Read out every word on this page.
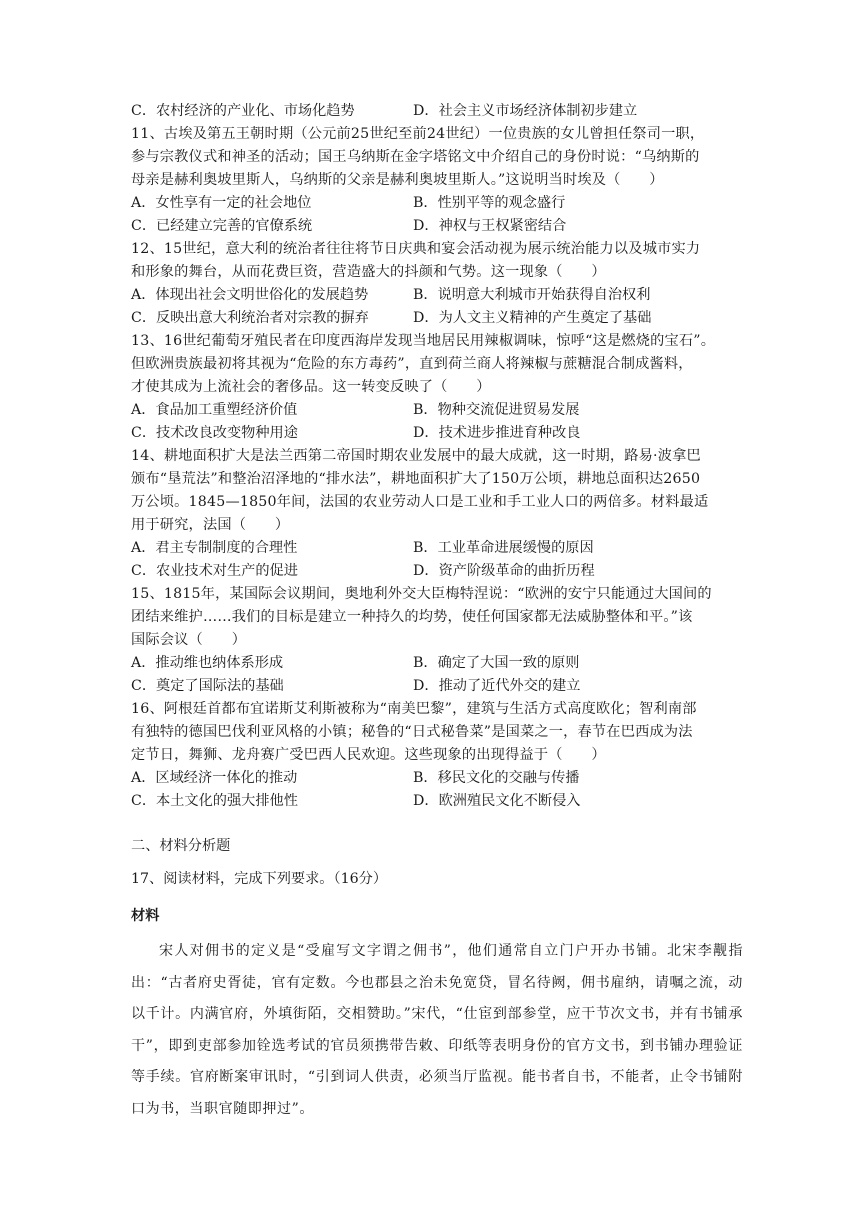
C．农村经济的产业化、市场化趋势	D．社会主义市场经济体制初步建立
11、古埃及第五王朝时期（公元前25世纪至前24世纪）一位贵族的女儿曾担任祭司一职，
参与宗教仪式和神圣的活动；国王乌纳斯在金字塔铭文中介绍自己的身份时说：“乌纳斯的
母亲是赫利奥坡里斯人，乌纳斯的父亲是赫利奥坡里斯人。”这说明当时埃及（　　）
A．女性享有一定的社会地位	B．性别平等的观念盛行
C．已经建立完善的官僚系统	D．神权与王权紧密结合
12、15世纪，意大利的统治者往往将节日庆典和宴会活动视为展示统治能力以及城市实力
和形象的舞台，从而花费巨资，营造盛大的抖颜和气势。这一现象（　　）
A．体现出社会文明世俗化的发展趋势	B．说明意大利城市开始获得自治权利
C．反映出意大利统治者对宗教的摒弃	D．为人文主义精神的产生奠定了基础
13、16世纪葡萄牙殖民者在印度西海岸发现当地居民用辣椒调味，惊呼“这是燃烧的宝石”。
但欧洲贵族最初将其视为“危险的东方毒药”，直到荷兰商人将辣椒与蔗糖混合制成酱料，
才使其成为上流社会的奢侈品。这一转变反映了（　　）
A．食品加工重塑经济价值	B．物种交流促进贸易发展
C．技术改良改变物种用途	D．技术进步推进育种改良
14、耕地面积扩大是法兰西第二帝国时期农业发展中的最大成就，这一时期，路易·波拿巴
颁布“垦荒法”和整治沼泽地的“排水法”，耕地面积扩大了150万公顷，耕地总面积达2650
万公顷。1845—1850年间，法国的农业劳动人口是工业和手工业人口的两倍多。材料最适
用于研究，法国（　　）
A．君主专制制度的合理性	B．工业革命进展缓慢的原因
C．农业技术对生产的促进	D．资产阶级革命的曲折历程
15、1815年，某国际会议期间，奥地利外交大臣梅特涅说：“欧洲的安宁只能通过大国间的
团结来维护……我们的目标是建立一种持久的均势，使任何国家都无法威胁整体和平。”该
国际会议（　　）
A．推动维也纳体系形成	B．确定了大国一致的原则
C．奠定了国际法的基础	D．推动了近代外交的建立
16、阿根廷首都布宜诺斯艾利斯被称为“南美巴黎”，建筑与生活方式高度欧化；智利南部
有独特的德国巴伐利亚风格的小镇；秘鲁的“日式秘鲁菜”是国菜之一，春节在巴西成为法
定节日，舞狮、龙舟赛广受巴西人民欢迎。这些现象的出现得益于（　　）
A．区域经济一体化的推动	B．移民文化的交融与传播
C．本土文化的强大排他性	D．欧洲殖民文化不断侵入
二、材料分析题
17、阅读材料，完成下列要求。（16分）
材料
宋人对佣书的定义是“受雇写文字谓之佣书”，他们通常自立门户开办书铺。北宋李觏指出：“古者府史胥徒，官有定数。今也郡县之治未免宽贷，冒名待阙，佣书雇纳，请嘱之流，动以千计。内满官府，外填街陌，交相赞助。”宋代，“仕宦到部参堂，应干节次文书，并有书铺承干”，即到吏部参加铨选考试的官员须携带告敕、印纸等表明身份的官方文书，到书铺办理验证等手续。官府断案审讯时，“引到词人供责，必须当厅监视。能书者自书，不能者，止令书铺附口为书，当职官随即押过”。
